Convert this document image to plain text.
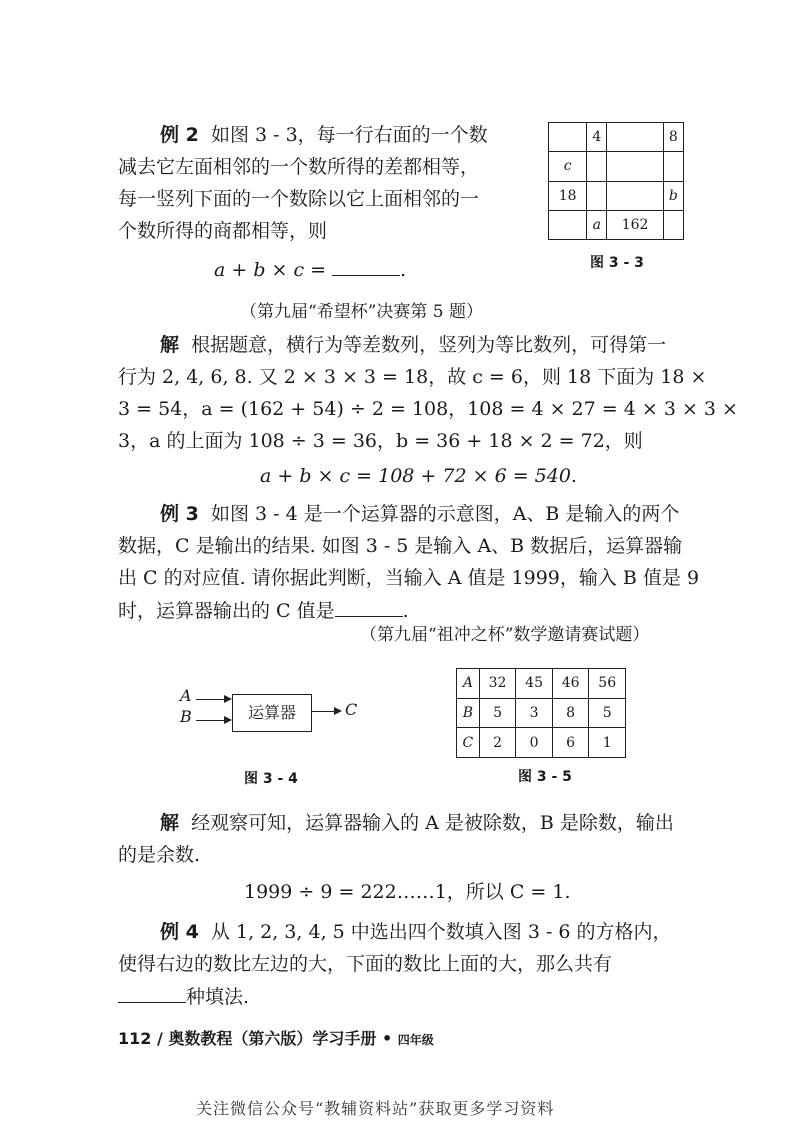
例 2 如图 3 - 3，每一行右面的一个数
减去它左面相邻的一个数所得的差都相等，
每一竖列下面的一个数除以它上面相邻的一
个数所得的商都相等，则
a + b × c =	.
（第九届“希望杯”决赛第 5 题）
	4		8
c			
18			b
	a	162	
图 3 - 3
解 根据题意，横行为等差数列，竖列为等比数列，可得第一
行为 2, 4, 6, 8. 又 2 × 3 × 3 = 18，故 c = 6，则 18 下面为 18 ×
3 = 54，a = (162 + 54) ÷ 2 = 108，108 = 4 × 27 = 4 × 3 × 3 ×
3，a 的上面为 108 ÷ 3 = 36，b = 36 + 18 × 2 = 72，则
a + b × c = 108 + 72 × 6 = 540.
例 3 如图 3 - 4 是一个运算器的示意图，A、B 是输入的两个
数据，C 是输出的结果. 如图 3 - 5 是输入 A、B 数据后，运算器输
出 C 的对应值. 请你据此判断，当输入 A 值是 1999，输入 B 值是 9
时，运算器输出的 C 值是	.
（第九届“祖冲之杯”数学邀请赛试题）
A
B	运算器	C
图 3 - 4
A	32	45	46	56
B	5	3	8	5
C	2	0	6	1
图 3 - 5
解 经观察可知，运算器输入的 A 是被除数，B 是除数，输出
的是余数.
1999 ÷ 9 = 222……1，所以 C = 1.
例 4 从 1, 2, 3, 4, 5 中选出四个数填入图 3 - 6 的方格内，
使得右边的数比左边的大，下面的数比上面的大，那么共有
种填法.
112 / 奥数教程（第六版）学习手册 • 四年级
关注微信公众号“教辅资料站”获取更多学习资料
